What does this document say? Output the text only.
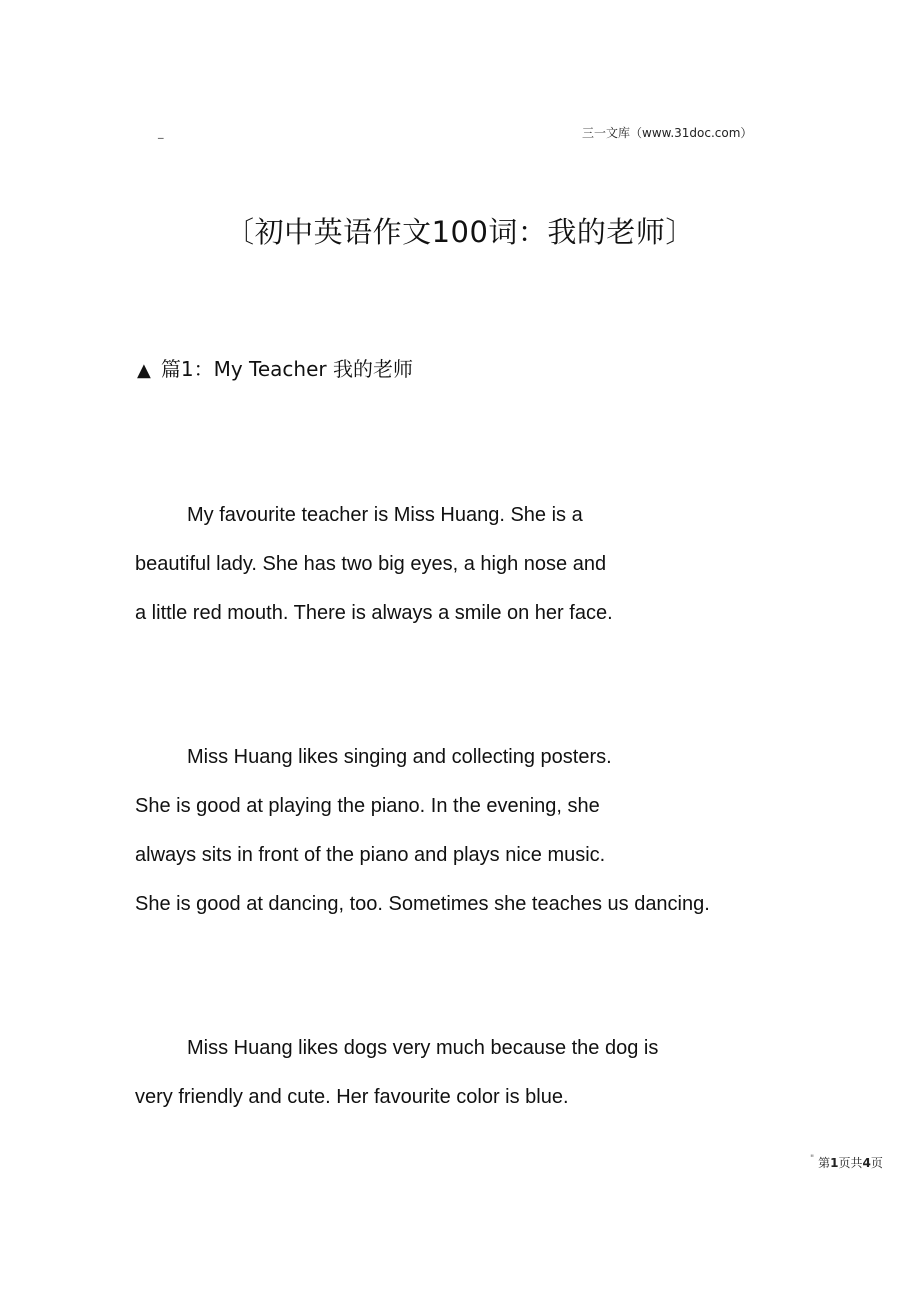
_	三一文库（www.31doc.com）
〔初中英语作文100词：我的老师〕
▲ 篇1：My Teacher 我的老师
My favourite teacher is Miss Huang. She is a
beautiful lady. She has two big eyes, a high nose and
a little red mouth. There is always a smile on her face.
Miss Huang likes singing and collecting posters.
She is good at playing the piano. In the evening, she
always sits in front of the piano and plays nice music.
She is good at dancing, too. Sometimes she teaches us dancing.
Miss Huang likes dogs very much because the dog is
very friendly and cute. Her favourite color is blue.
" 第1页共4页
